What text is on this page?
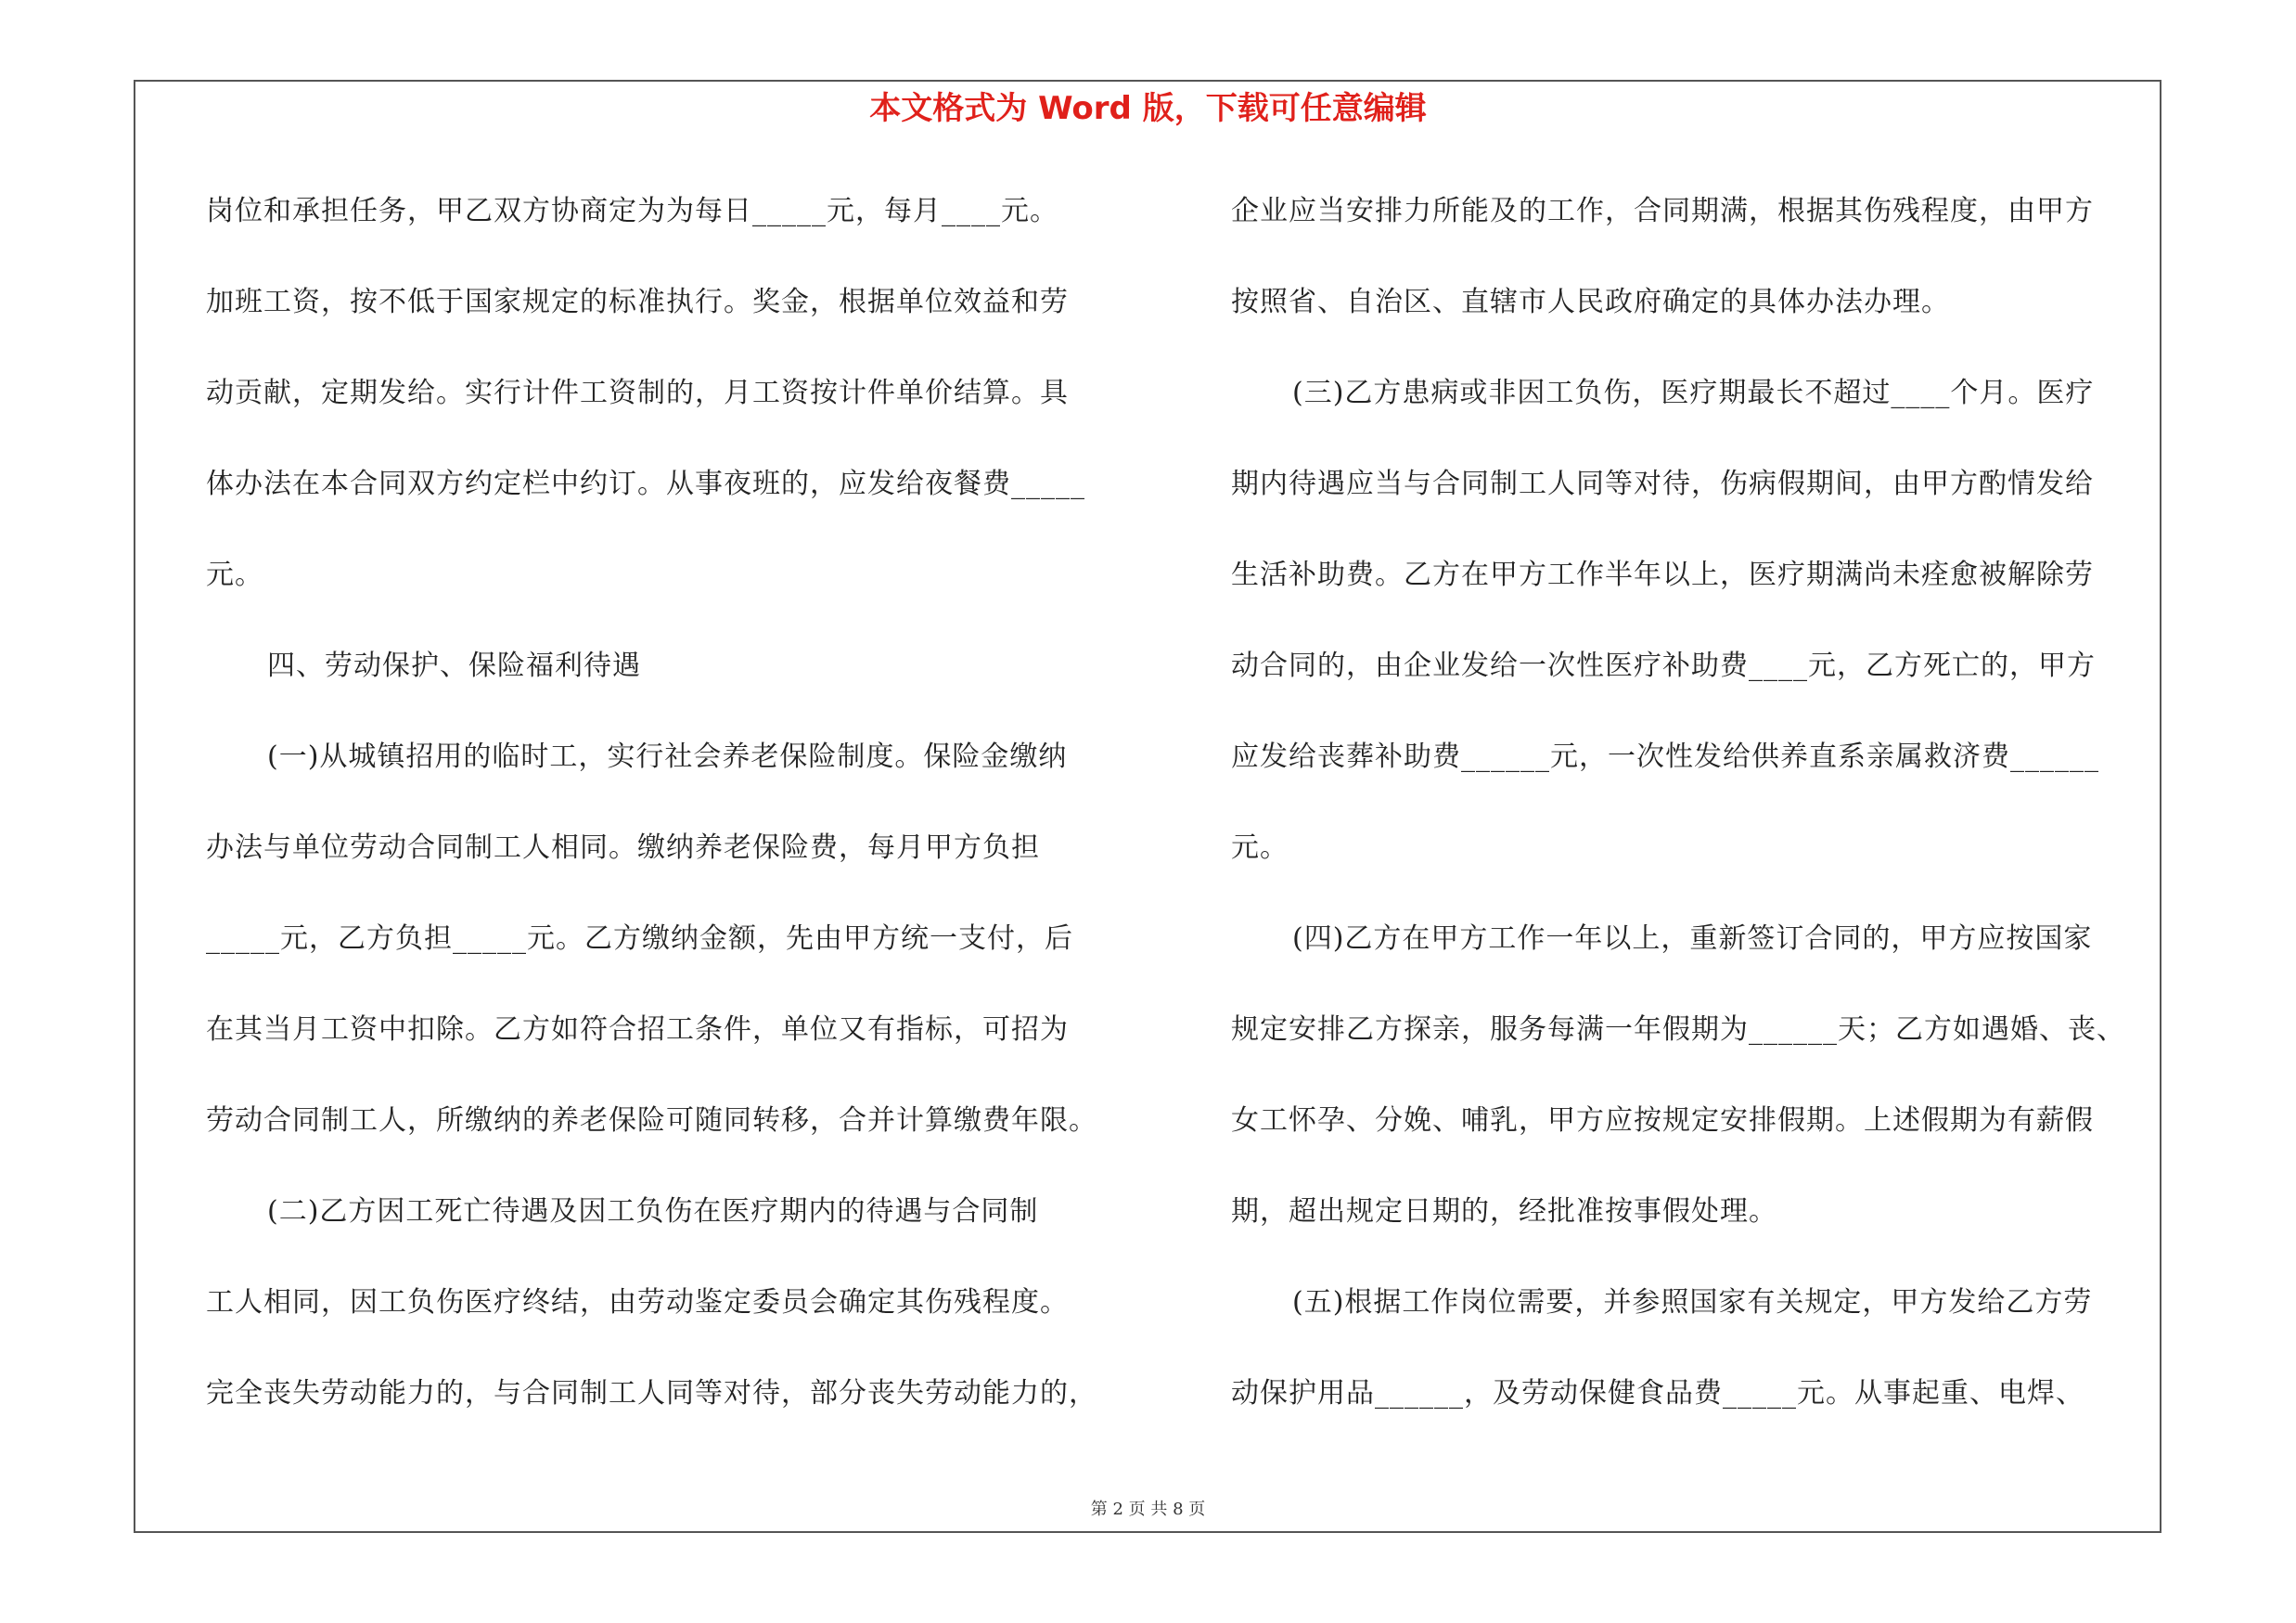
本文格式为 Word 版，下载可任意编辑
岗位和承担任务，甲乙双方协商定为为每日_____元，每月____元。
加班工资，按不低于国家规定的标准执行。奖金，根据单位效益和劳
动贡献，定期发给。实行计件工资制的，月工资按计件单价结算。具
体办法在本合同双方约定栏中约订。从事夜班的，应发给夜餐费_____
元。
四、劳动保护、保险福利待遇
(一)从城镇招用的临时工，实行社会养老保险制度。保险金缴纳
办法与单位劳动合同制工人相同。缴纳养老保险费，每月甲方负担
_____元，乙方负担_____元。乙方缴纳金额，先由甲方统一支付，后
在其当月工资中扣除。乙方如符合招工条件，单位又有指标，可招为
劳动合同制工人，所缴纳的养老保险可随同转移，合并计算缴费年限。
(二)乙方因工死亡待遇及因工负伤在医疗期内的待遇与合同制
工人相同，因工负伤医疗终结，由劳动鉴定委员会确定其伤残程度。
完全丧失劳动能力的，与合同制工人同等对待，部分丧失劳动能力的，
企业应当安排力所能及的工作，合同期满，根据其伤残程度，由甲方
按照省、自治区、直辖市人民政府确定的具体办法办理。
(三)乙方患病或非因工负伤，医疗期最长不超过____个月。医疗
期内待遇应当与合同制工人同等对待，伤病假期间，由甲方酌情发给
生活补助费。乙方在甲方工作半年以上，医疗期满尚未痊愈被解除劳
动合同的，由企业发给一次性医疗补助费____元，乙方死亡的，甲方
应发给丧葬补助费______元，一次性发给供养直系亲属救济费______
元。
(四)乙方在甲方工作一年以上，重新签订合同的，甲方应按国家
规定安排乙方探亲，服务每满一年假期为______天；乙方如遇婚、丧、
女工怀孕、分娩、哺乳，甲方应按规定安排假期。上述假期为有薪假
期，超出规定日期的，经批准按事假处理。
(五)根据工作岗位需要，并参照国家有关规定，甲方发给乙方劳
动保护用品______，及劳动保健食品费_____元。从事起重、电焊、
第 2 页 共 8 页
